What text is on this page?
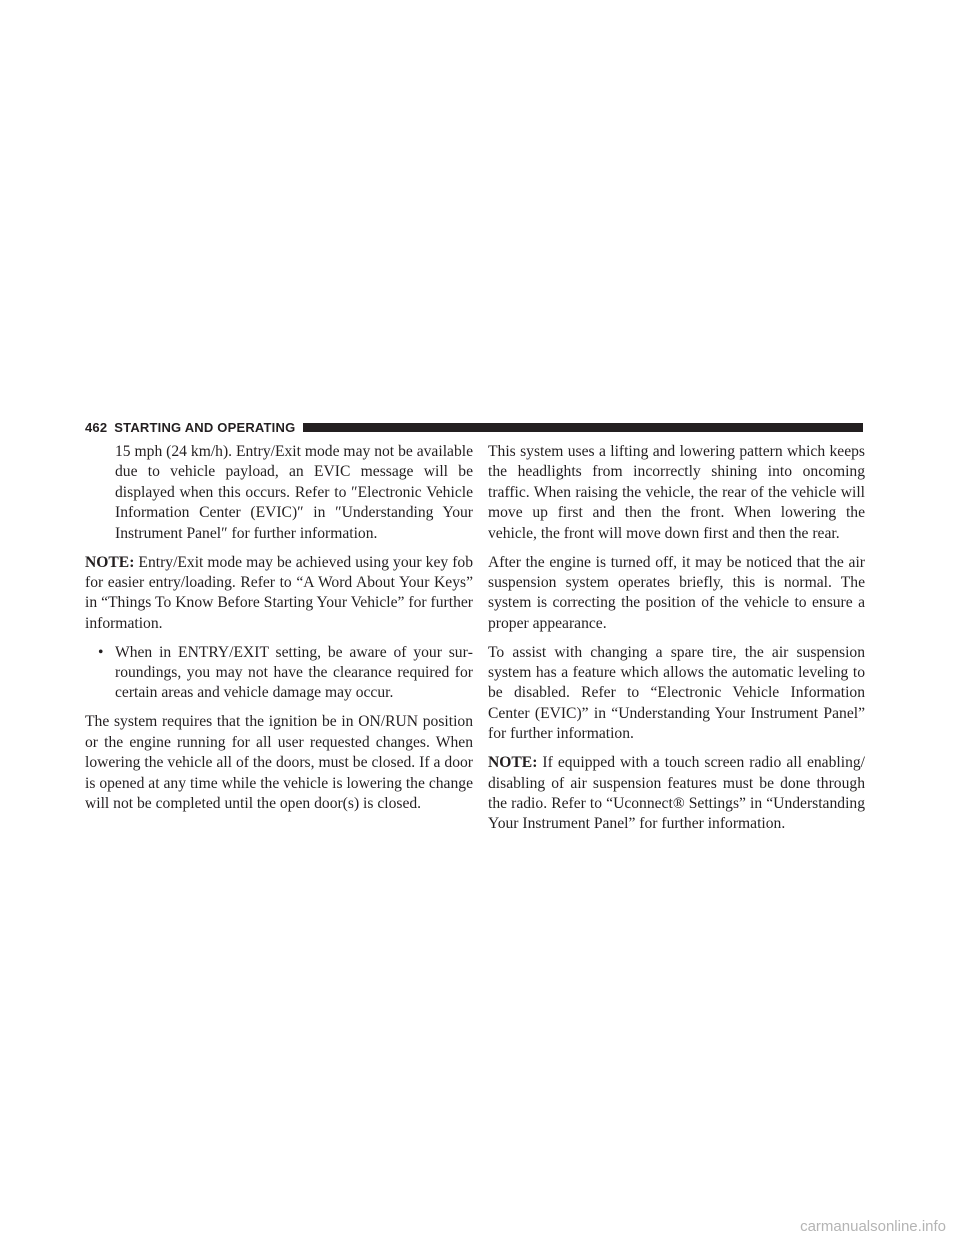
462 STARTING AND OPERATING

15 mph (24 km/h). Entry/Exit mode may not be available due to vehicle payload, an EVIC message will be displayed when this occurs. Refer to ″Electronic Vehicle Information Center (EVIC)″ in ″Understanding Your Instrument Panel″ for further information.

NOTE: Entry/Exit mode may be achieved using your key fob for easier entry/loading. Refer to “A Word About Your Keys” in “Things To Know Before Starting Your Vehicle” for further information.

• When in ENTRY/EXIT setting, be aware of your surroundings, you may not have the clearance required for certain areas and vehicle damage may occur.

The system requires that the ignition be in ON/RUN position or the engine running for all user requested changes. When lowering the vehicle all of the doors, must be closed. If a door is opened at any time while the vehicle is lowering the change will not be completed until the open door(s) is closed.

This system uses a lifting and lowering pattern which keeps the headlights from incorrectly shining into oncoming traffic. When raising the vehicle, the rear of the vehicle will move up first and then the front. When lowering the vehicle, the front will move down first and then the rear.

After the engine is turned off, it may be noticed that the air suspension system operates briefly, this is normal. The system is correcting the position of the vehicle to ensure a proper appearance.

To assist with changing a spare tire, the air suspension system has a feature which allows the automatic leveling to be disabled. Refer to “Electronic Vehicle Information Center (EVIC)” in “Understanding Your Instrument Panel” for further information.

NOTE: If equipped with a touch screen radio all enabling/ disabling of air suspension features must be done through the radio. Refer to “Uconnect® Settings” in “Understanding Your Instrument Panel” for further information.

carmanualsonline.info
